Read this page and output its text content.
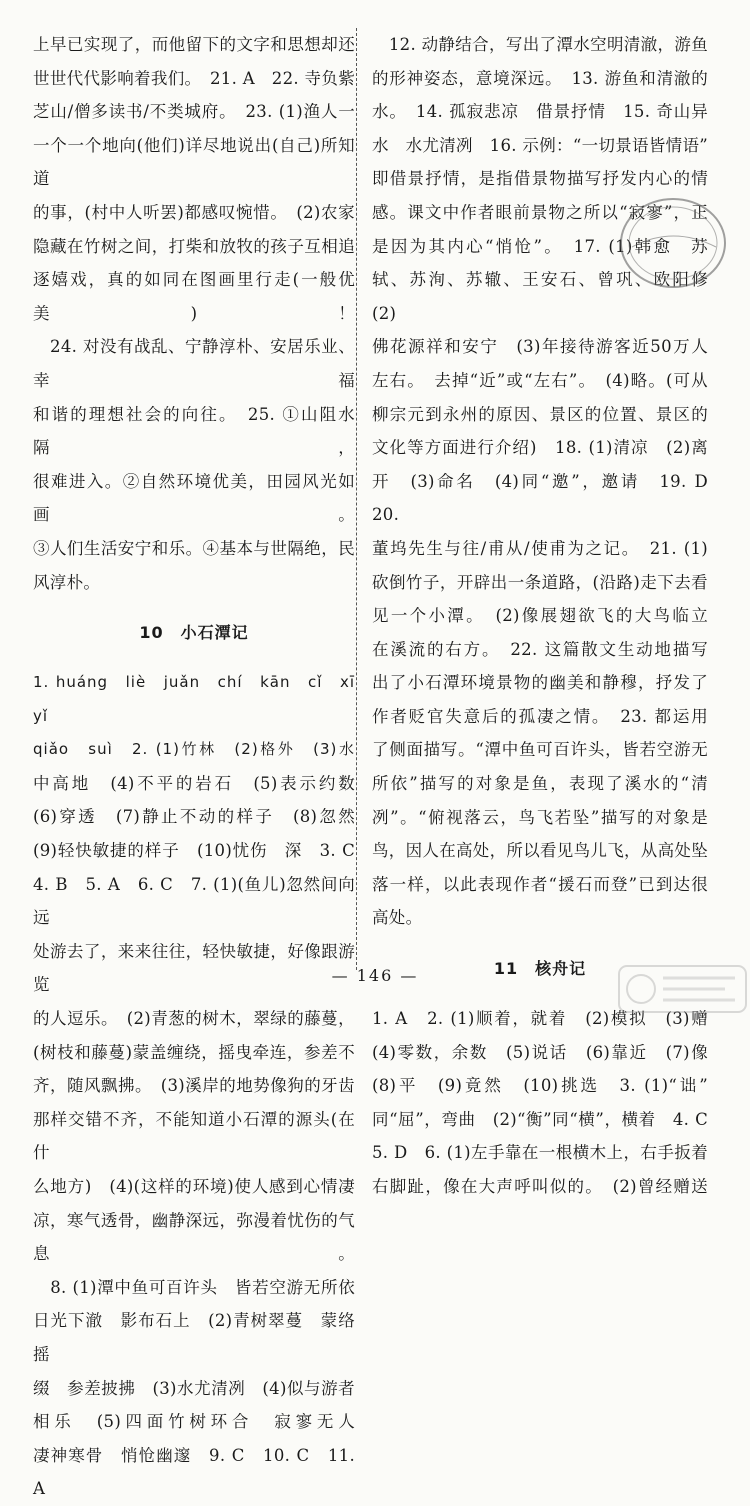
上早已实现了，而他留下的文字和思想却还

世世代代影响着我们。　21. A　22. 寺负紫

芝山/僧多读书/不类城府。　23. (1)渔人一

一个一个地向(他们)详尽地说出(自己)所知道

的事，(村中人听罢)都感叹惋惜。　(2)农家

隐藏在竹树之间，打柴和放牧的孩子互相追

逐嬉戏，真的如同在图画里行走(一般优美)！

　24. 对没有战乱、宁静淳朴、安居乐业、幸福

和谐的理想社会的向往。　25. ①山阻水隔，

很难进入。②自然环境优美，田园风光如画。

③人们生活安宁和乐。④基本与世隔绝，民

风淳朴。

10　小石潭记

1. huáng　liè　juǎn　chí　kān　cǐ　xī　yǐ

qiǎo　suì　2. (1)竹林　(2)格外　(3)水

中高地　(4)不平的岩石　(5)表示约数

(6)穿透　(7)静止不动的样子　(8)忽然

(9)轻快敏捷的样子　(10)忧伤　深　3. C

4. B　5. A　6. C　7. (1)(鱼儿)忽然间向远

处游去了，来来往往，轻快敏捷，好像跟游览

的人逗乐。　(2)青葱的树木，翠绿的藤蔓，

(树枝和藤蔓)蒙盖缠绕，摇曳牵连，参差不

齐，随风飘拂。　(3)溪岸的地势像狗的牙齿

那样交错不齐，不能知道小石潭的源头(在什

么地方)　(4)(这样的环境)使人感到心情凄

凉，寒气透骨，幽静深远，弥漫着忧伤的气息。

　8. (1)潭中鱼可百许头　皆若空游无所依

日光下澈　影布石上　(2)青树翠蔓　蒙络摇

缀　参差披拂　(3)水尤清冽　(4)似与游者

相乐　(5)四面竹树环合　寂寥无人

凄神寒骨　悄怆幽邃　9. C　10. C　11. A

　12. 动静结合，写出了潭水空明清澈，游鱼

的形神姿态，意境深远。　13. 游鱼和清澈的

水。　14. 孤寂悲凉　借景抒情　15. 奇山异

水　水尤清冽　16. 示例：“一切景语皆情语”

即借景抒情，是指借景物描写抒发内心的情

感。课文中作者眼前景物之所以“寂寥”，正

是因为其内心“悄怆”。　17. (1)韩愈　苏

轼、苏洵、苏辙、王安石、曾巩、欧阳修　(2)

佛花源祥和安宁　(3)年接待游客近50万人

左右。　去掉“近”或“左右”。　(4)略。(可从

柳宗元到永州的原因、景区的位置、景区的

文化等方面进行介绍)　18. (1)清凉　(2)离

开　(3)命名　(4)同“邀”，邀请　19. D　20.

董坞先生与往/甫从/使甫为之记。　21. (1)

砍倒竹子，开辟出一条道路，(沿路)走下去看

见一个小潭。　(2)像展翅欲飞的大鸟临立

在溪流的右方。　22. 这篇散文生动地描写

出了小石潭环境景物的幽美和静穆，抒发了

作者贬官失意后的孤凄之情。　23. 都运用

了侧面描写。“潭中鱼可百许头，皆若空游无

所依”描写的对象是鱼，表现了溪水的“清

冽”。“俯视落云，鸟飞若坠”描写的对象是

鸟，因人在高处，所以看见鸟儿飞，从高处坠

落一样，以此表现作者“援石而登”已到达很

高处。

11　核舟记

1. A　2. (1)顺着，就着　(2)模拟　(3)赠

(4)零数，余数　(5)说话　(6)靠近　(7)像

(8)平　(9)竟然　(10)挑选　3. (1)“诎”

同“屈”，弯曲　(2)“衡”同“横”，横着　4. C

5. D　6. (1)左手靠在一根横木上，右手扳着

右脚趾，像在大声呼叫似的。　(2)曾经赠送

— 146 —
